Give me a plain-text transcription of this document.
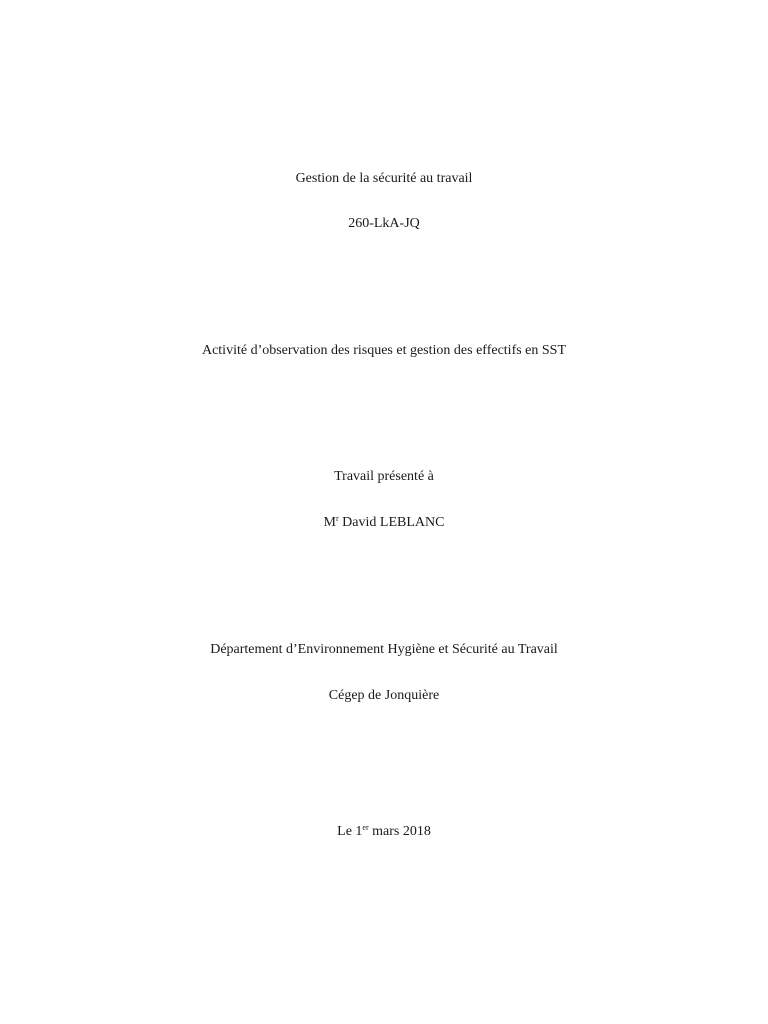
Gestion de la sécurité au travail
260-LkA-JQ
Activité d’observation des risques et gestion des effectifs en SST
Travail présenté à
$M^r$ David LEBLANC
Département d’Environnement Hygiène et Sécurité au Travail
Cégep de Jonquière
Le 1er mars 2018
